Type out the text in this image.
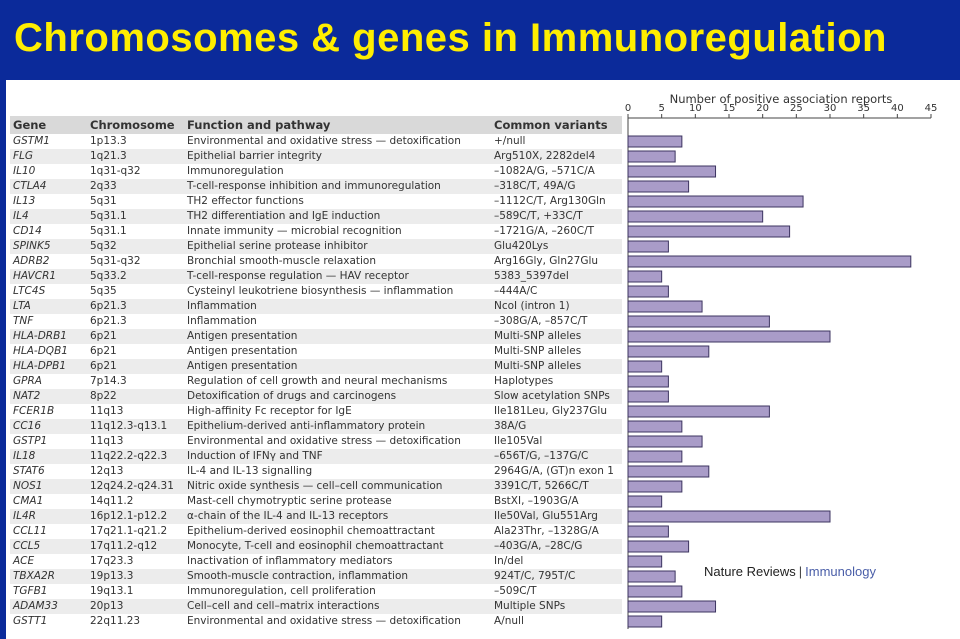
Chromosomes & genes in Immunoregulation
Gene	Chromosome Function and pathway	Common variants
GSTM1	1p13.3	Environmental and oxidative stress — detoxification	+/null
FLG	1q21.3	Epithelial barrier integrity	Arg510X, 2282del4
IL10	1q31-q32	Immunoregulation	–1082A/G, –571C/A
CTLA4	2q33	T-cell-response inhibition and immunoregulation	–318C/T, 49A/G
IL13	5q31	TH2 effector functions	–1112C/T, Arg130Gln
IL4	5q31.1	TH2 differentiation and IgE induction	–589C/T, +33C/T
CD14	5q31.1	Innate immunity — microbial recognition	–1721G/A, –260C/T
SPINK5	5q32	Epithelial serine protease inhibitor	Glu420Lys
ADRB2	5q31-q32	Bronchial smooth-muscle relaxation	Arg16Gly, Gln27Glu
HAVCR1	5q33.2	T-cell-response regulation — HAV receptor	5383_5397del
LTC4S	5q35	Cysteinyl leukotriene biosynthesis — inflammation	–444A/C
LTA	6p21.3	Inflammation	NcoI (intron 1)
TNF	6p21.3	Inflammation	–308G/A, –857C/T
HLA-DRB1 6p21	Antigen presentation	Multi-SNP alleles
HLA-DQB1 6p21	Antigen presentation	Multi-SNP alleles
HLA-DPB1 6p21	Antigen presentation	Multi-SNP alleles
GPRA	7p14.3	Regulation of cell growth and neural mechanisms	Haplotypes
NAT2	8p22	Detoxification of drugs and carcinogens	Slow acetylation SNPs
FCER1B	11q13	High-affinity Fc receptor for IgE	Ile181Leu, Gly237Glu
CC16	11q12.3-q13.1 Epithelium-derived anti-inflammatory protein	38A/G
GSTP1	11q13	Environmental and oxidative stress — detoxification	Ile105Val
IL18	11q22.2-q22.3 Induction of IFNγ and TNF	–656T/G, –137G/C
STAT6	12q13	IL-4 and IL-13 signalling	2964G/A, (GT)n exon 1
NOS1	12q24.2-q24.31 Nitric oxide synthesis — cell–cell communication	3391C/T, 5266C/T
CMA1	14q11.2	Mast-cell chymotryptic serine protease	BstXI, –1903G/A
IL4R	16p12.1-p12.2 α-chain of the IL-4 and IL-13 receptors	Ile50Val, Glu551Arg
CCL11	17q21.1-q21.2 Epithelium-derived eosinophil chemoattractant	Ala23Thr, –1328G/A
CCL5	17q11.2-q12	Monocyte, T-cell and eosinophil chemoattractant	–403G/A, –28C/G
ACE	17q23.3	Inactivation of inflammatory mediators	In/del
TBXA2R	19p13.3	Smooth-muscle contraction, inflammation	924T/C, 795T/C
TGFB1	19q13.1	Immunoregulation, cell proliferation	–509C/T
ADAM33	20p13	Cell–cell and cell–matrix interactions	Multiple SNPs
GSTT1	22q11.23	Environmental and oxidative stress — detoxification	A/null
Number of positive association reports
0	5 10 15 20 25 30 35 40 45
Nature Reviews | Immunology
